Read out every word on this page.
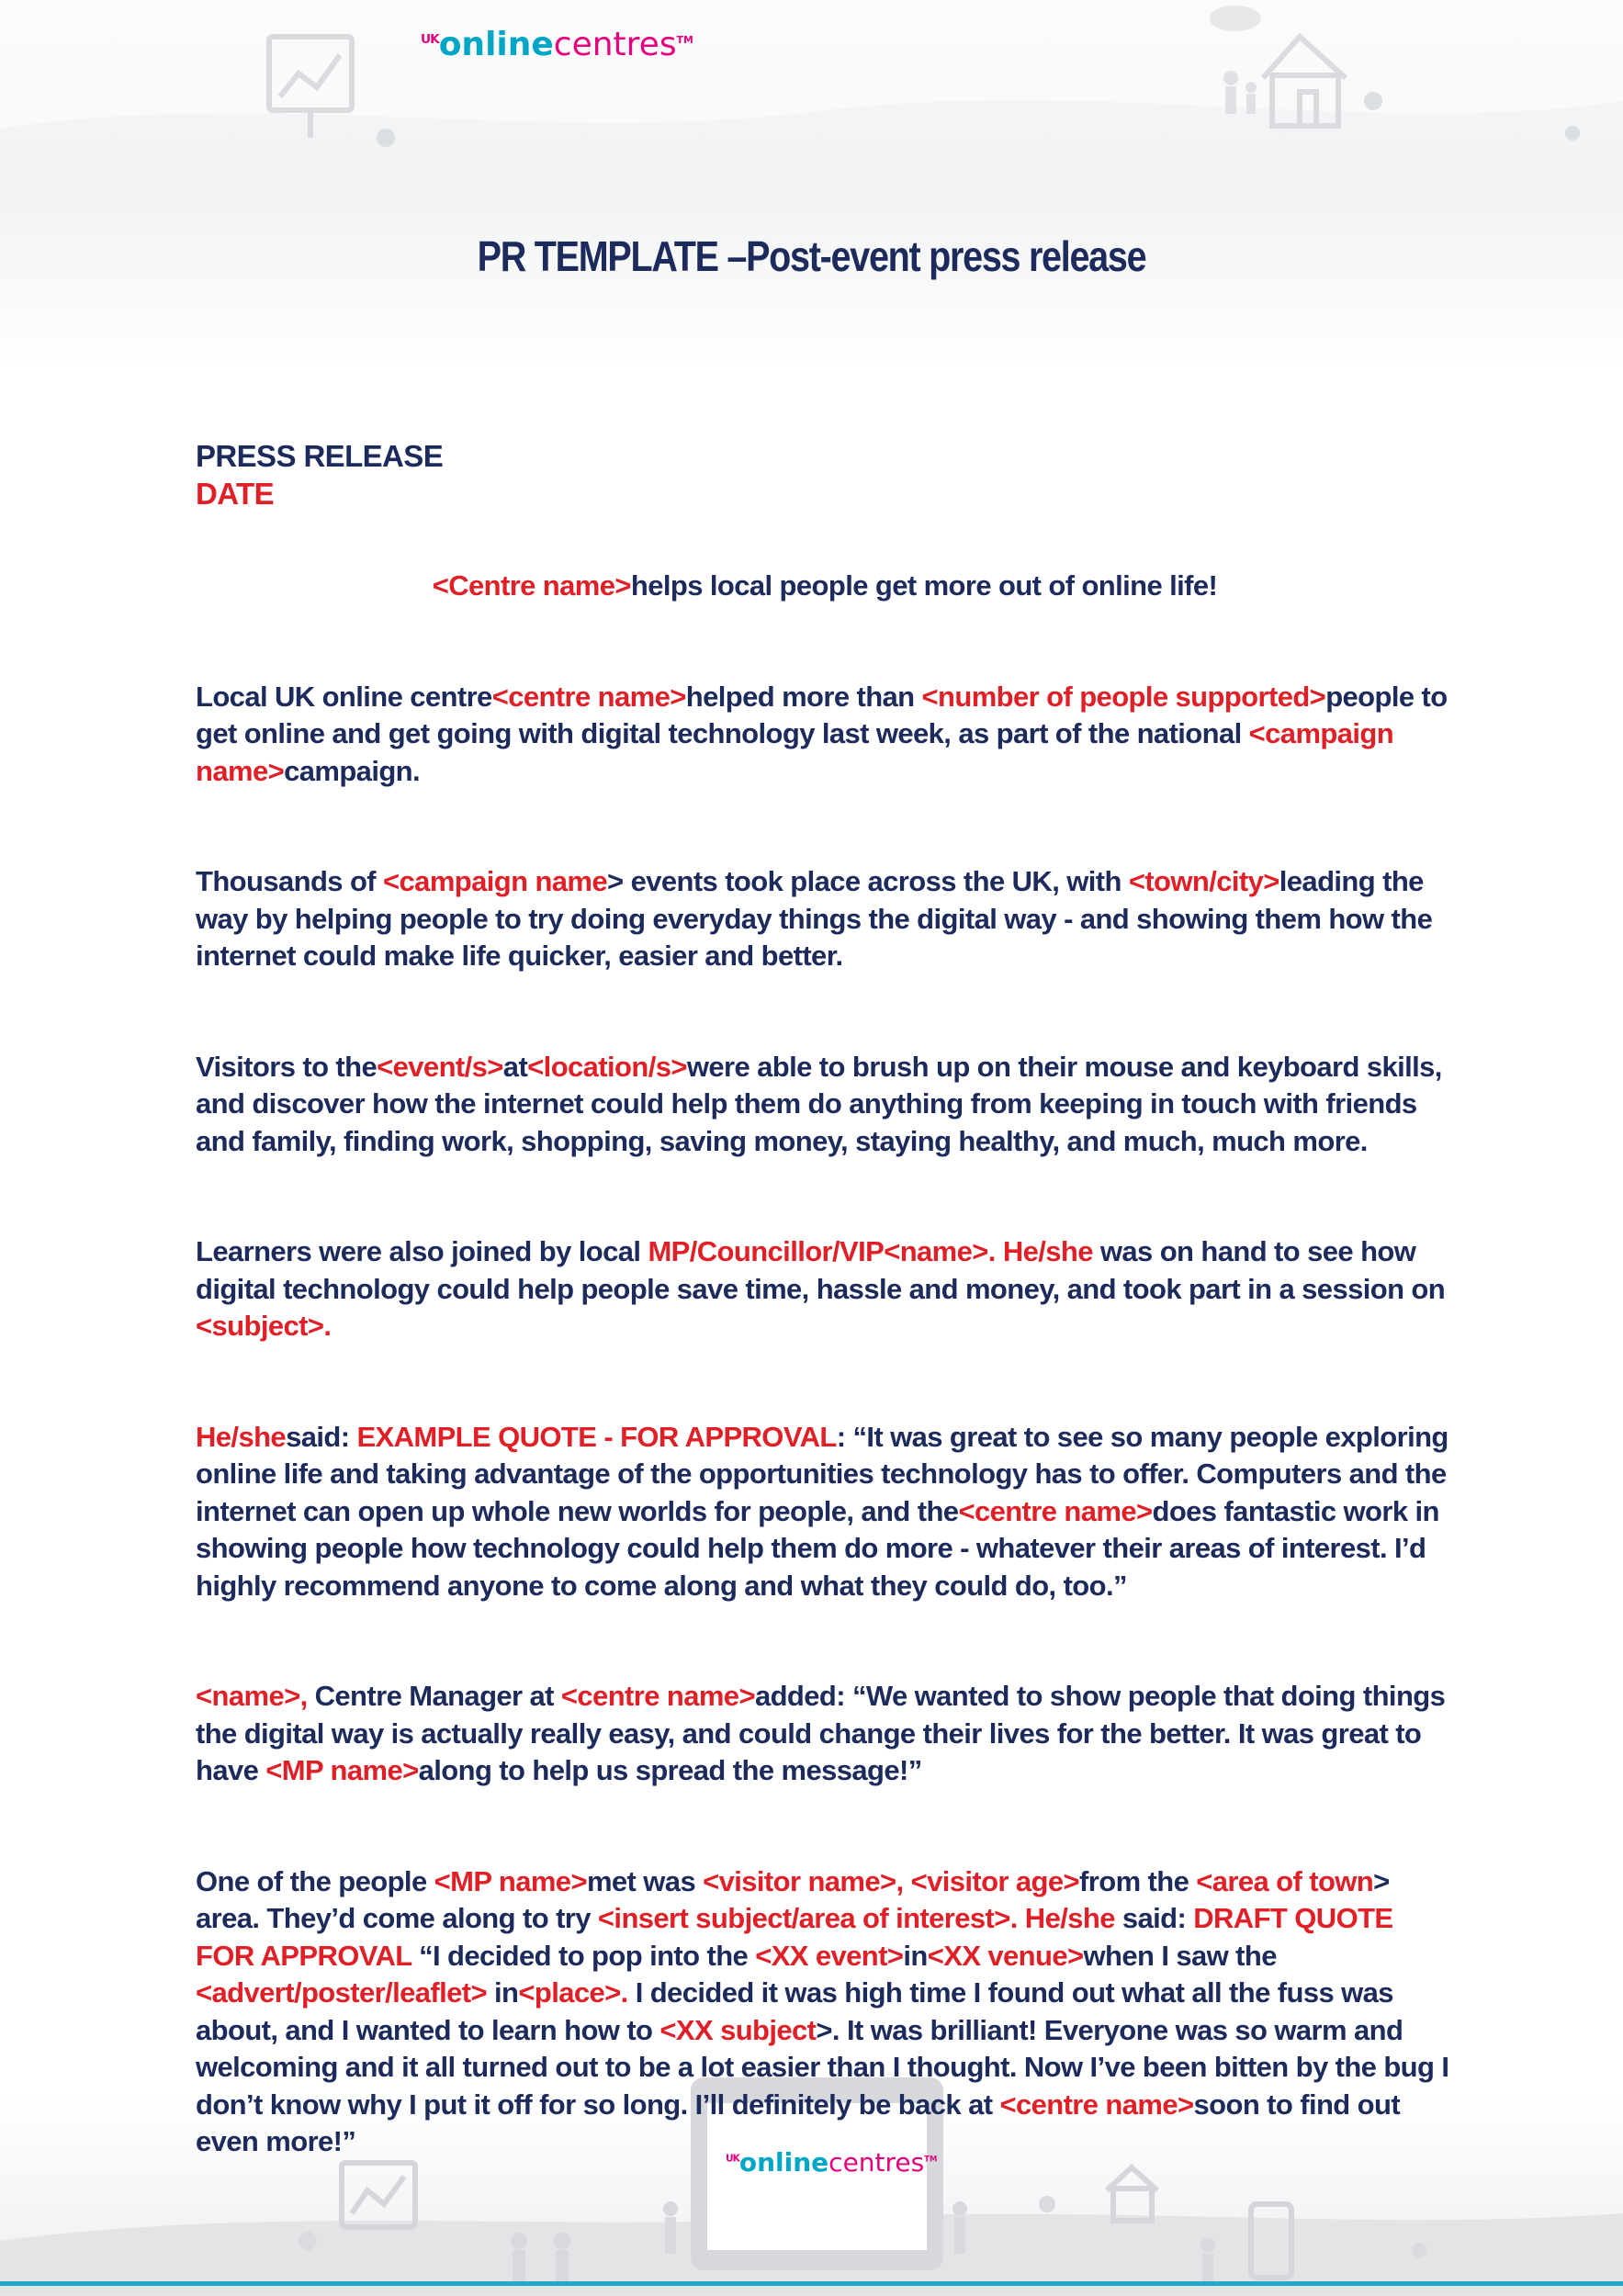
$^{UK}$onlinecentres™
$^{UK}$onlinecentres™
PR TEMPLATE –Post-event press release

PRESS RELEASE

DATE

<Centre name>helps local people get more out of online life!

Local UK online centre<centre name>helped more than <number of people supported>people to get online and get going with digital technology last week, as part of the national <campaign name>campaign.

Thousands of <campaign name> events took place across the UK, with <town/city>leading the way by helping people to try doing everyday things the digital way - and showing them how the internet could make life quicker, easier and better.

Visitors to the<event/s>at<location/s>were able to brush up on their mouse and keyboard skills, and discover how the internet could help them do anything from keeping in touch with friends and family, finding work, shopping, saving money, staying healthy, and much, much more.

Learners were also joined by local MP/Councillor/VIP<name>. He/she was on hand to see how digital technology could help people save time, hassle and money, and took part in a session on <subject>.

He/shesaid: EXAMPLE QUOTE - FOR APPROVAL: “It was great to see so many people exploring online life and taking advantage of the opportunities technology has to offer. Computers and the internet can open up whole new worlds for people, and the<centre name>does fantastic work in showing people how technology could help them do more - whatever their areas of interest. I’d highly recommend anyone to come along and what they could do, too.”

<name>, Centre Manager at <centre name>added: “We wanted to show people that doing things the digital way is actually really easy, and could change their lives for the better. It was great to have <MP name>along to help us spread the message!”

One of the people <MP name>met was <visitor name>, <visitor age>from the <area of town> area. They’d come along to try <insert subject/area of interest>. He/she said: DRAFT QUOTE FOR APPROVAL “I decided to pop into the <XX event>in<XX venue>when I saw the <advert/poster/leaflet> in<place>. I decided it was high time I found out what all the fuss was about, and I wanted to learn how to <XX subject>. It was brilliant! Everyone was so warm and welcoming and it all turned out to be a lot easier than I thought. Now I’ve been bitten by the bug I don’t know why I put it off for so long. I’ll definitely be back at <centre name>soon to find out even more!”
